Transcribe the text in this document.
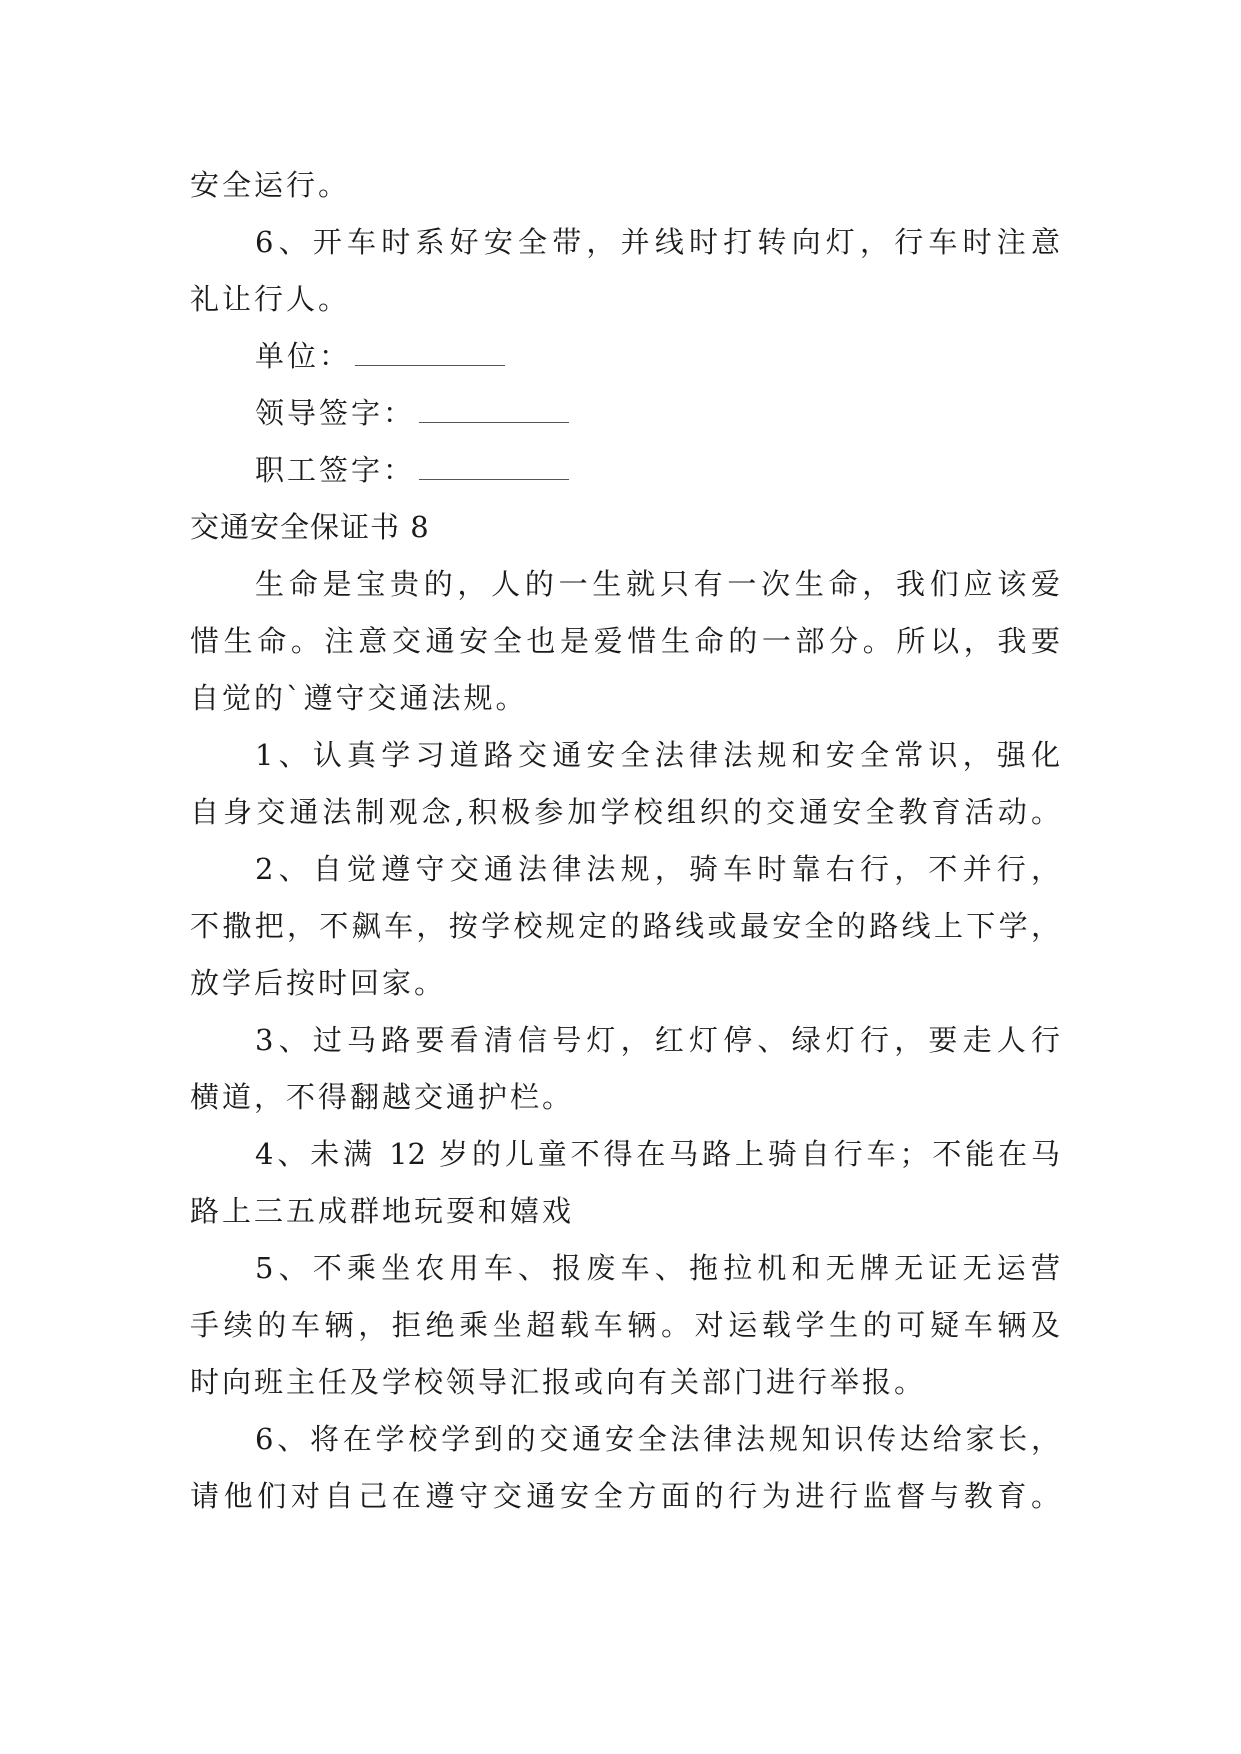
安全运行。
6、开车时系好安全带，并线时打转向灯，行车时注意
礼让行人。
单位：
领导签字：
职工签字：
交通安全保证书 8
生命是宝贵的，人的一生就只有一次生命，我们应该爱
惜生命。注意交通安全也是爱惜生命的一部分。所以，我要
自觉的`遵守交通法规。
1、认真学习道路交通安全法律法规和安全常识，强化
自身交通法制观念,积极参加学校组织的交通安全教育活动。
2、自觉遵守交通法律法规，骑车时靠右行，不并行，
不撒把，不飙车，按学校规定的路线或最安全的路线上下学，
放学后按时回家。
3、过马路要看清信号灯，红灯停、绿灯行，要走人行
横道，不得翻越交通护栏。
4、未满 12 岁的儿童不得在马路上骑自行车；不能在马
路上三五成群地玩耍和嬉戏
5、不乘坐农用车、报废车、拖拉机和无牌无证无运营
手续的车辆，拒绝乘坐超载车辆。对运载学生的可疑车辆及
时向班主任及学校领导汇报或向有关部门进行举报。
6、将在学校学到的交通安全法律法规知识传达给家长，
请他们对自己在遵守交通安全方面的行为进行监督与教育。
